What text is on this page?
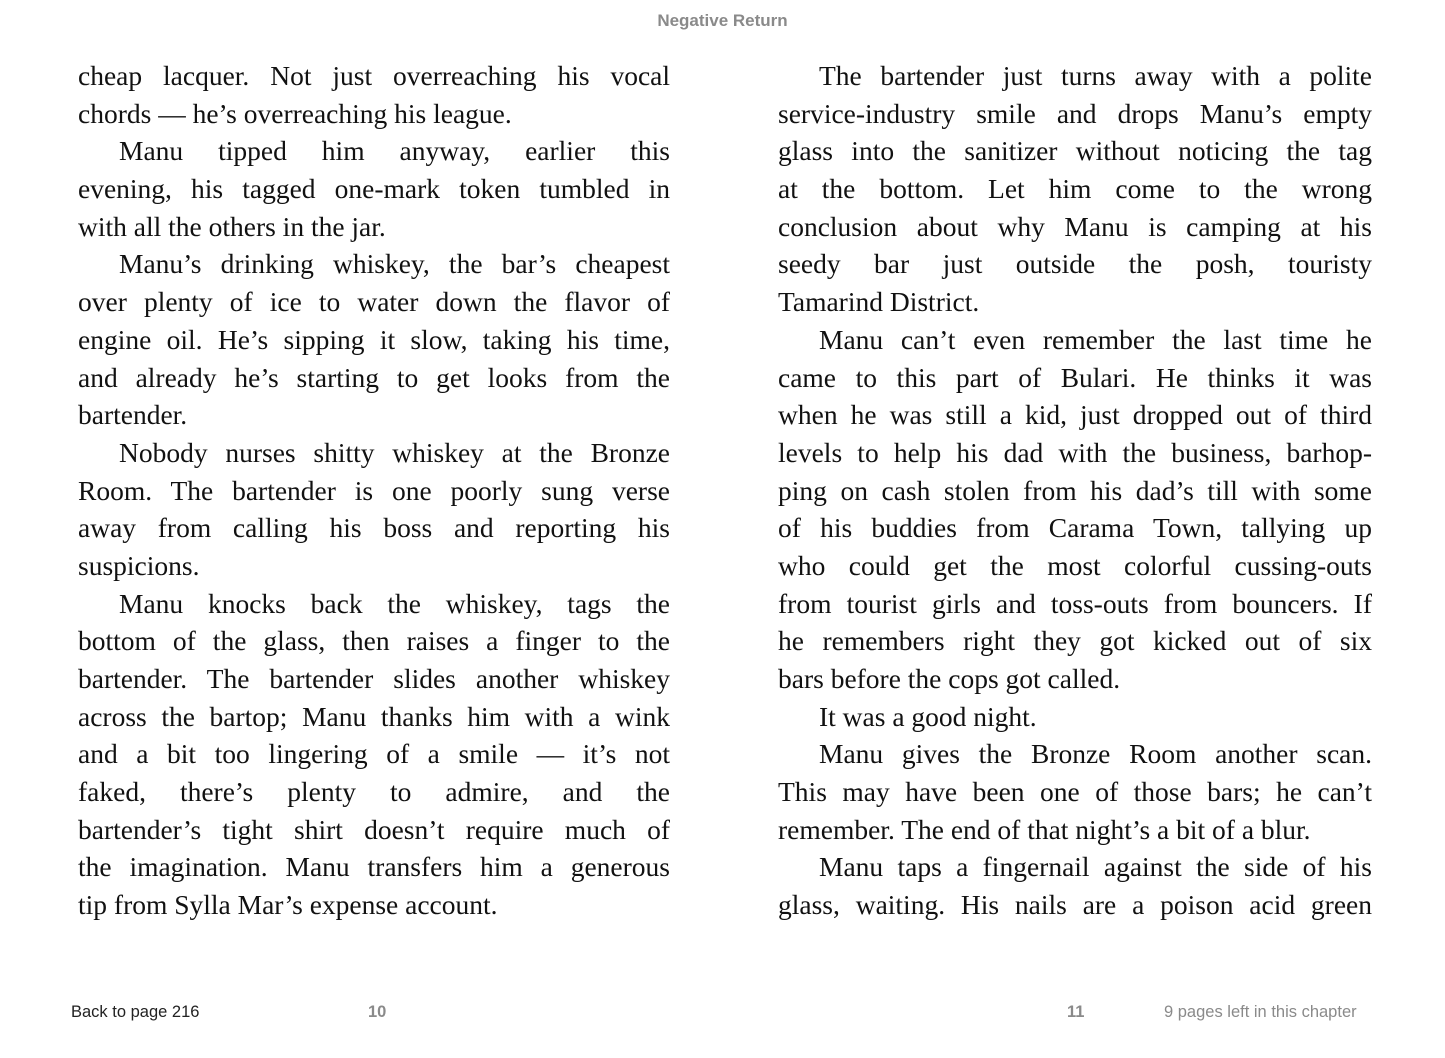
Negative Return
cheap lacquer. Not just overreaching his vocal
chords — he’s overreaching his league.
Manu tipped him anyway, earlier this
evening, his tagged one-mark token tumbled in
with all the others in the jar.
Manu’s drinking whiskey, the bar’s cheapest
over plenty of ice to water down the flavor of
engine oil. He’s sipping it slow, taking his time,
and already he’s starting to get looks from the
bartender.
Nobody nurses shitty whiskey at the Bronze
Room. The bartender is one poorly sung verse
away from calling his boss and reporting his
suspicions.
Manu knocks back the whiskey, tags the
bottom of the glass, then raises a finger to the
bartender. The bartender slides another whiskey
across the bartop; Manu thanks him with a wink
and a bit too lingering of a smile — it’s not
faked, there’s plenty to admire, and the
bartender’s tight shirt doesn’t require much of
the imagination. Manu transfers him a generous
tip from Sylla Mar’s expense account.
The bartender just turns away with a polite
service-industry smile and drops Manu’s empty
glass into the sanitizer without noticing the tag
at the bottom. Let him come to the wrong
conclusion about why Manu is camping at his
seedy bar just outside the posh, touristy
Tamarind District.
Manu can’t even remember the last time he
came to this part of Bulari. He thinks it was
when he was still a kid, just dropped out of third
levels to help his dad with the business, barhop-
ping on cash stolen from his dad’s till with some
of his buddies from Carama Town, tallying up
who could get the most colorful cussing-outs
from tourist girls and toss-outs from bouncers. If
he remembers right they got kicked out of six
bars before the cops got called.
It was a good night.
Manu gives the Bronze Room another scan.
This may have been one of those bars; he can’t
remember. The end of that night’s a bit of a blur.
Manu taps a fingernail against the side of his
glass, waiting. His nails are a poison acid green
Back to page 216	10	11	9 pages left in this chapter
